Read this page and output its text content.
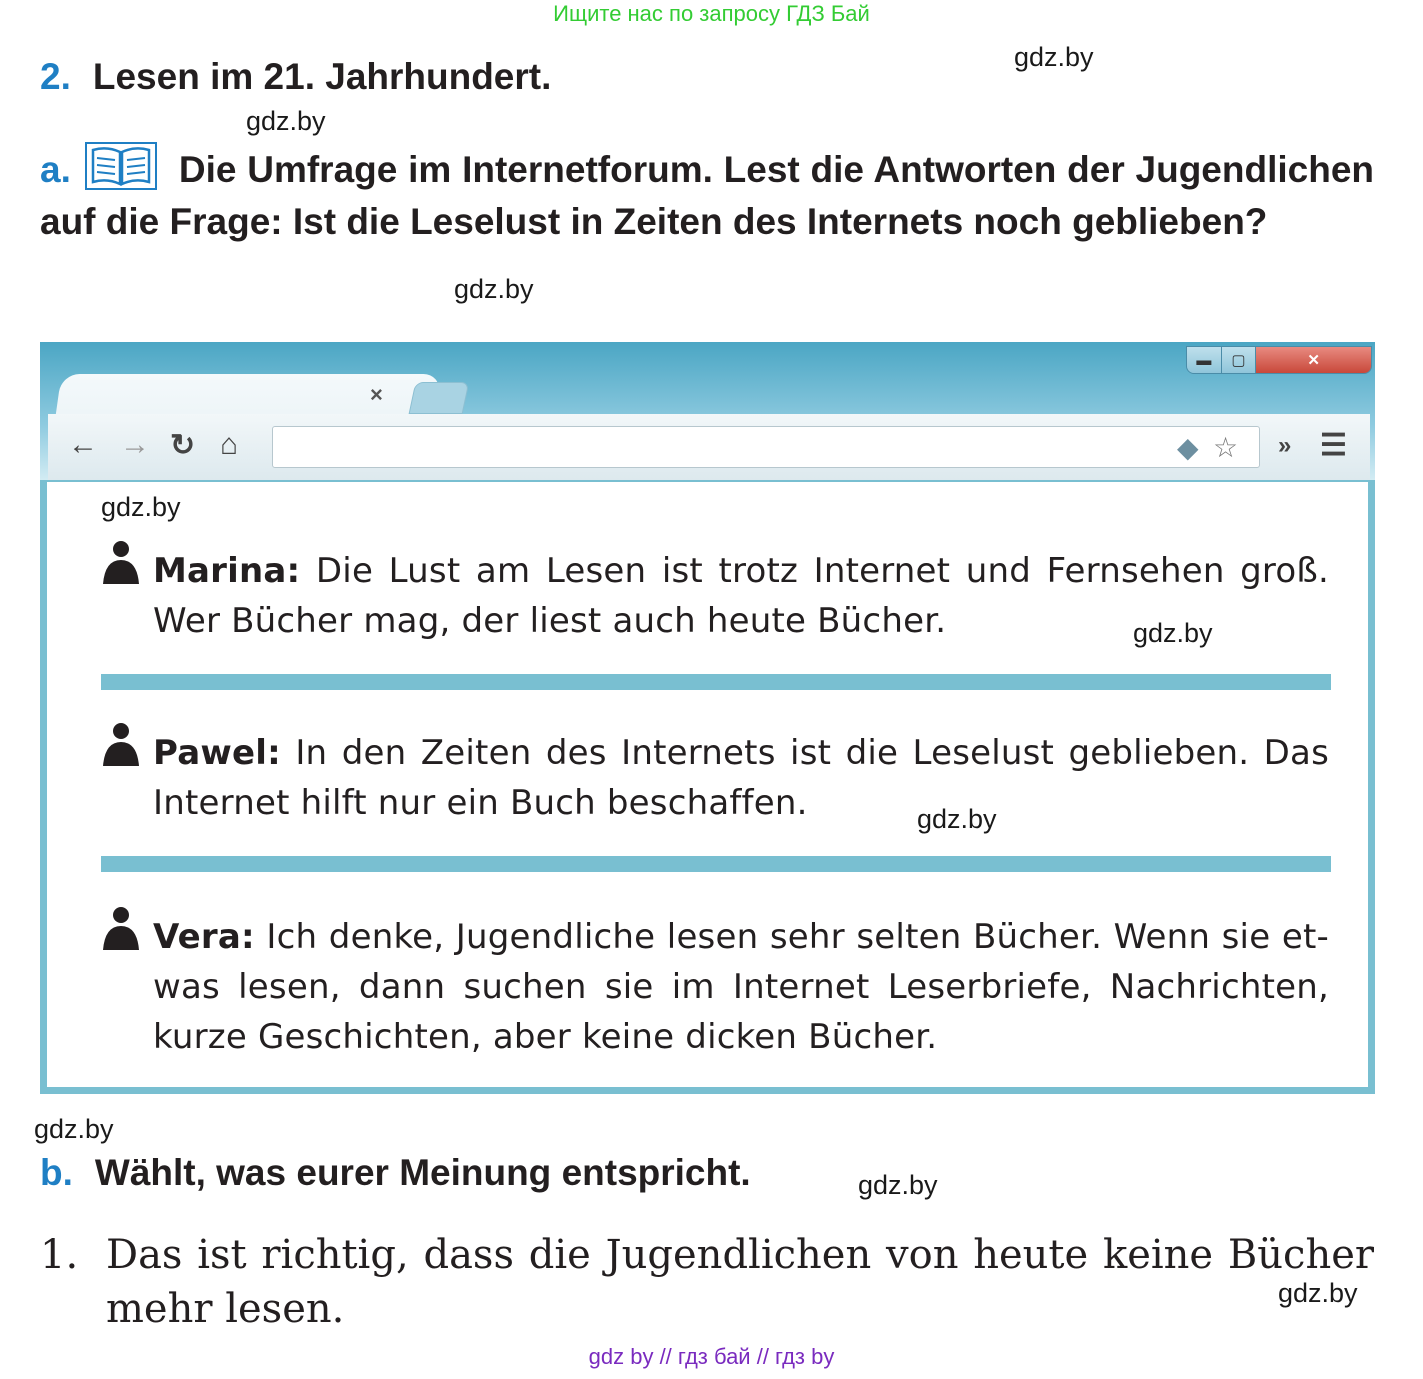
Ищите нас по запросу ГДЗ Бай
gdz.by
gdz.by
gdz.by
2. Lesen im 21. Jahrhundert.
a.	Die Umfrage im Internetforum. Lest die Antworten der Jugendlichen auf die Frage: Ist die Leselust in Zeiten des Internets noch geblieben?
×
▬	▢	✕
← → ↻ ⌂	◆ ☆ » ☰
gdz.by
Marina: Die Lust am Lesen ist trotz Internet und Fernsehen groß. Wer Bücher mag, der liest auch heute Bücher.	gdz.by
Pawel: In den Zeiten des Internets ist die Leselust geblieben. Das Internet hilft nur ein Buch beschaffen.	gdz.by
Vera: Ich denke, Jugendliche lesen sehr selten Bücher. Wenn sie et-was lesen, dann suchen sie im Internet Leserbriefe, Nachrichten, kurze Geschichten, aber keine dicken Bücher.
gdz.by
b. Wählt, was eurer Meinung entspricht.	gdz.by
1. Das ist richtig, dass die Jugendlichen von heute keine Bücher mehr lesen.	gdz.by
gdz by // гдз бай // гдз by
